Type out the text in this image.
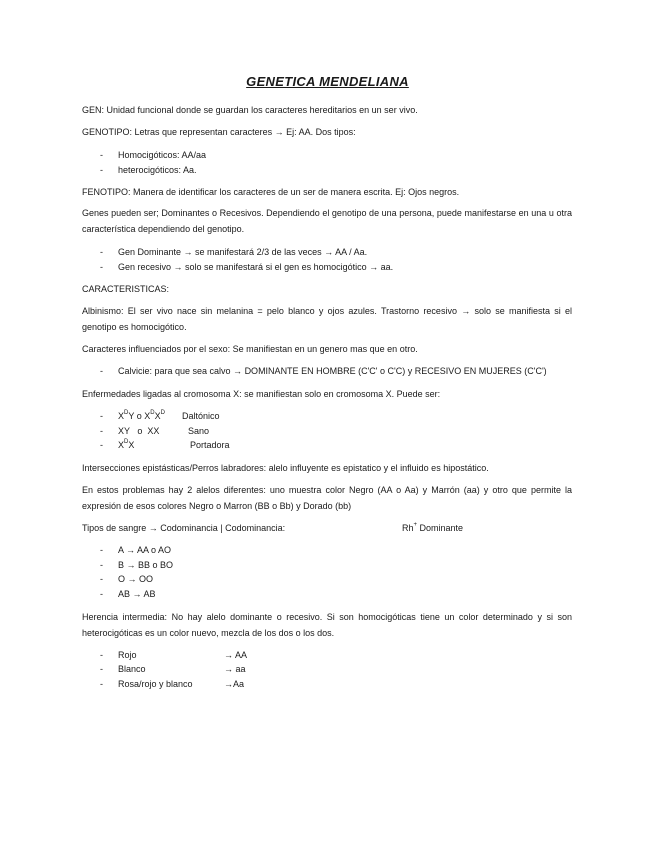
GENETICA MENDELIANA
GEN: Unidad funcional donde se guardan los caracteres hereditarios en un ser vivo.
GENOTIPO: Letras que representan caracteres → Ej: AA. Dos tipos:
- Homocigóticos: AA/aa
- heterocigóticos: Aa.
FENOTIPO: Manera de identificar los caracteres de un ser de manera escrita. Ej: Ojos negros.
Genes pueden ser; Dominantes o Recesivos. Dependiendo el genotipo de una persona, puede manifestarse en una u otra característica dependiendo del genotipo.
- Gen Dominante → se manifestará 2/3 de las veces → AA / Aa.
- Gen recesivo → solo se manifestará si el gen es homocigótico → aa.
CARACTERISTICAS:
Albinismo: El ser vivo nace sin melanina = pelo blanco y ojos azules. Trastorno recesivo → solo se manifiesta si el genotipo es homocigótico.
Caracteres influenciados por el sexo: Se manifiestan en un genero mas que en otro.
- Calvicie: para que sea calvo → DOMINANTE EN HOMBRE (C'C' o C'C) y RECESIVO EN MUJERES (C'C')
Enfermedades ligadas al cromosoma X: se manifiestan solo en cromosoma X. Puede ser:
- $X^DY$ o $X^DX^D$ Daltónico
- XY   o  XX	Sano
- $X^DX$	Portadora
Intersecciones epistásticas/Perros labradores: alelo influyente es epistatico y el influido es hipostático.
En estos problemas hay 2 alelos diferentes: uno muestra color Negro (AA o Aa) y Marrón (aa) y otro que permite la expresión de esos colores Negro o Marron (BB o Bb) y Dorado (bb)
Tipos de sangre → Codominancia | Codominancia:	Rh+ Dominante
- A → AA o AO
- B → BB o BO
- O → OO
- AB → AB
Herencia intermedia: No hay alelo dominante o recesivo. Si son homocigóticas tiene un color determinado y si son heterocigóticas es un color nuevo, mezcla de los dos o los dos.
- Rojo	→ AA
- Blanco	→ aa
- Rosa/rojo y blanco	→Aa
